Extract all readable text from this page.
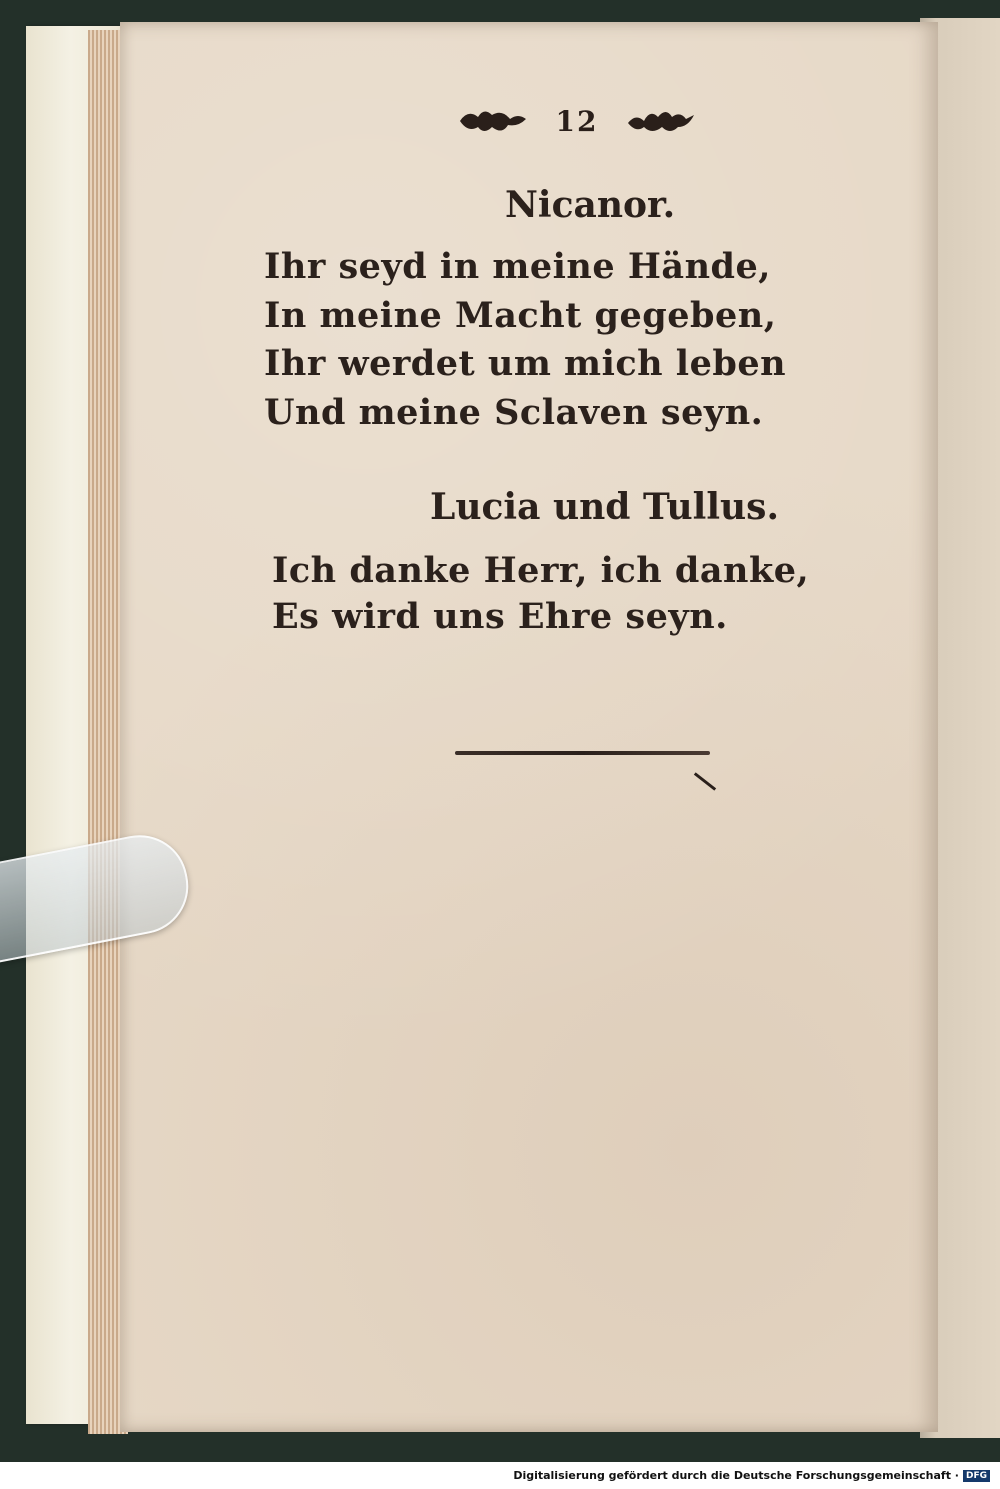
12
Nicanor.
Ihr seyd in meine Hände,
In meine Macht gegeben,
Ihr werdet um mich leben
Und meine Sclaven seyn.
Lucia und Tullus.
Ich danke Herr, ich danke,
Es wird uns Ehre seyn.
Digitalisierung gefördert durch die Deutsche Forschungsgemeinschaft · DFG
